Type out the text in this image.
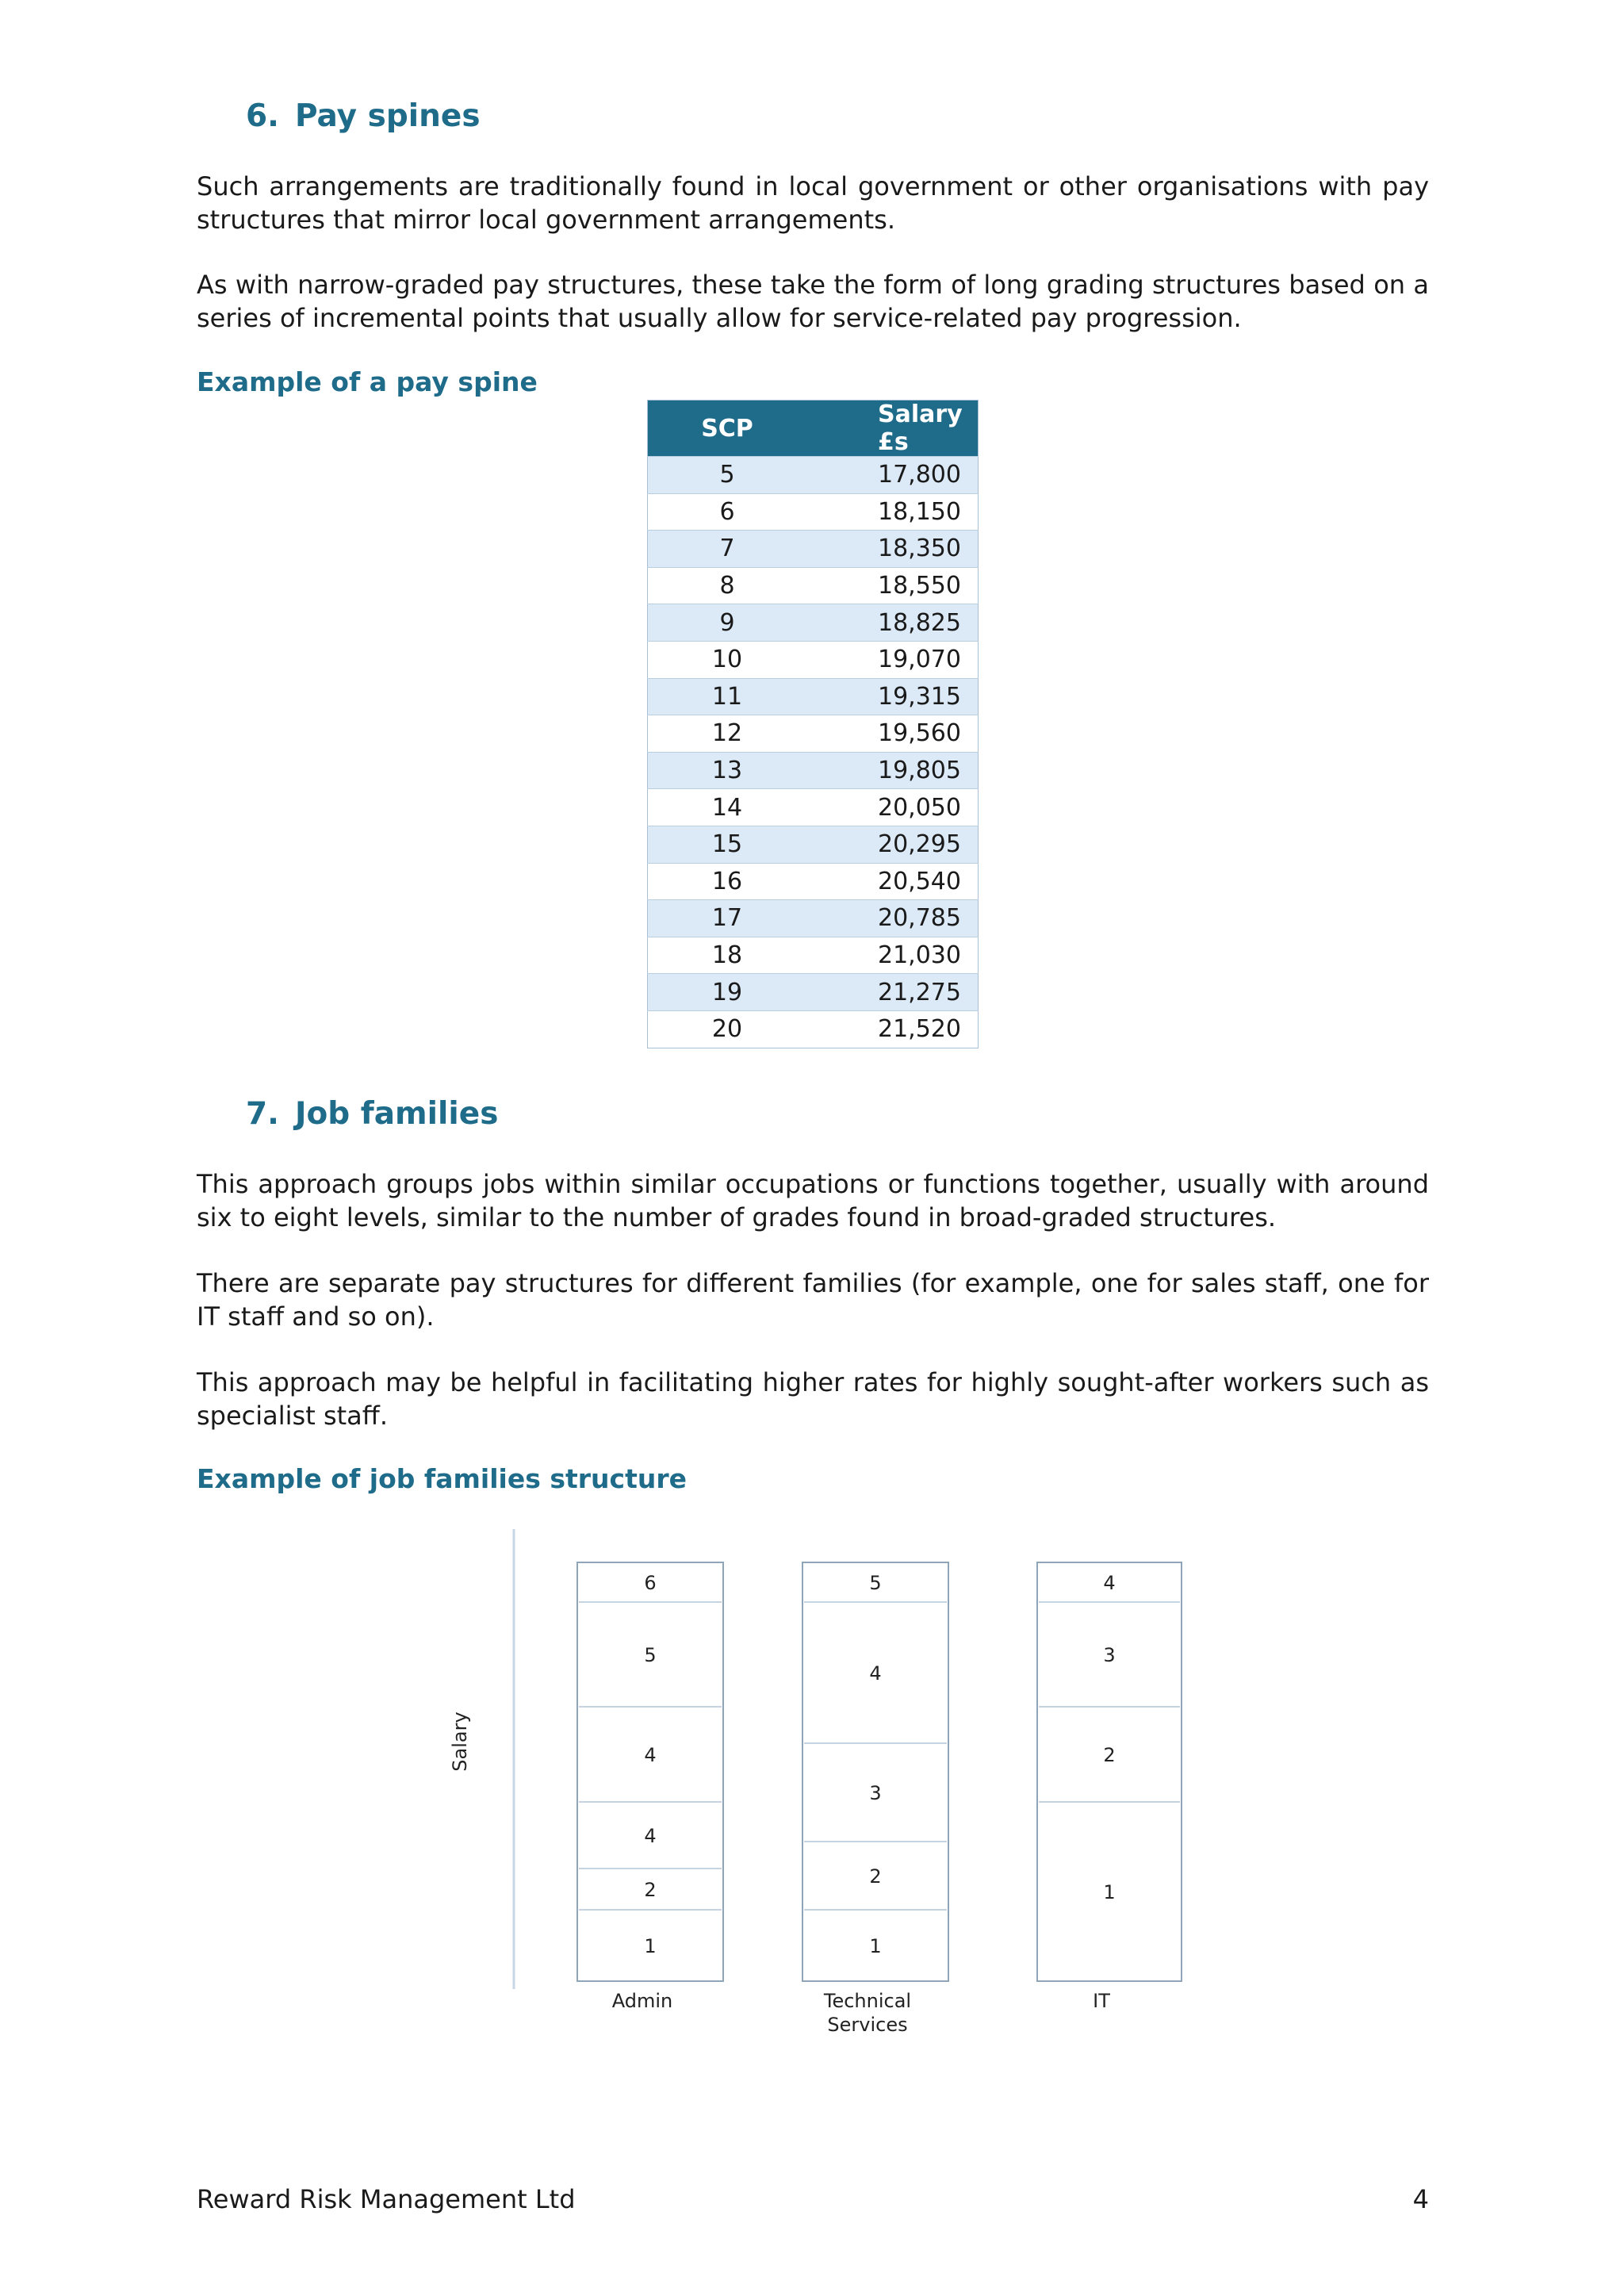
6. Pay spines

Such arrangements are traditionally found in local government or other organisations with pay structures that mirror local government arrangements.

As with narrow-graded pay structures, these take the form of long grading structures based on a series of incremental points that usually allow for service-related pay progression.

Example of a pay spine

SCP	Salary £s
5	17,800
6	18,150
7	18,350
8	18,550
9	18,825
10	19,070
11	19,315
12	19,560
13	19,805
14	20,050
15	20,295
16	20,540
17	20,785
18	21,030
19	21,275
20	21,520
7. Job families

This approach groups jobs within similar occupations or functions together, usually with around six to eight levels, similar to the number of grades found in broad-graded structures.

There are separate pay structures for different families (for example, one for sales staff, one for IT staff and so on).

This approach may be helpful in facilitating higher rates for highly sought-after workers such as specialist staff.

Example of job families structure

Salary
6
5
4
4
2
1
Admin
5
4
3
2
1
Technical
Services
4
3
2
1
IT
Reward Risk Management Ltd	4
